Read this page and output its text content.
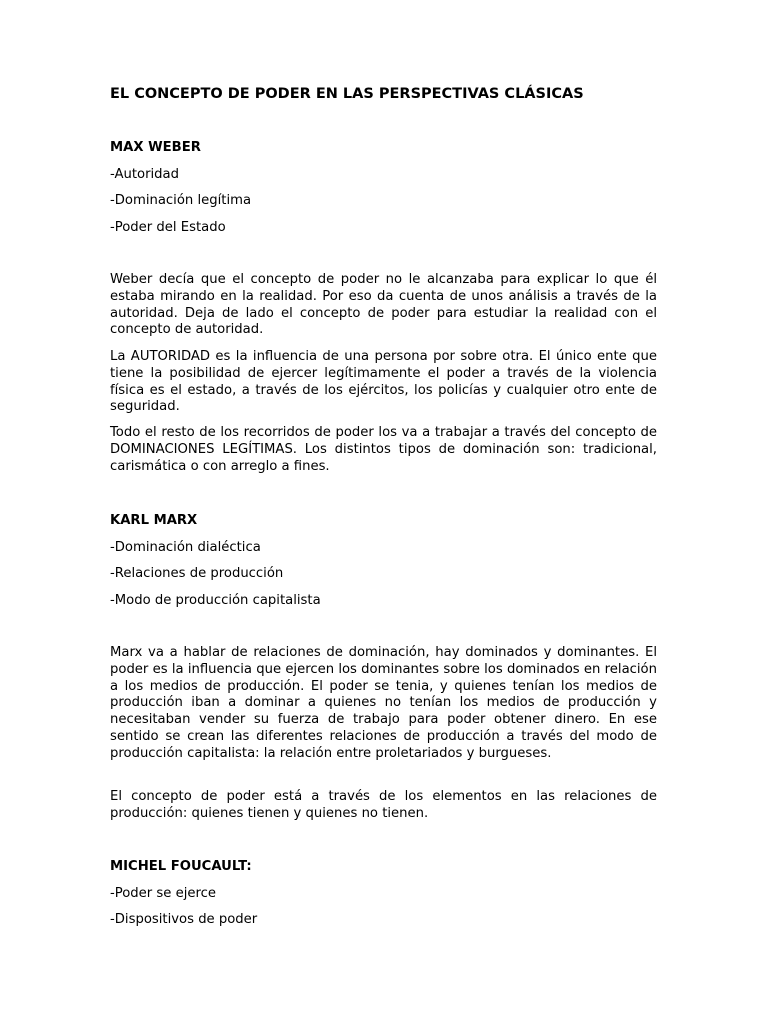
EL CONCEPTO DE PODER EN LAS PERSPECTIVAS CLÁSICAS
MAX WEBER
-Autoridad
-Dominación legítima
-Poder del Estado

Weber decía que el concepto de poder no le alcanzaba para explicar lo que él estaba mirando en la realidad. Por eso da cuenta de unos análisis a través de la autoridad. Deja de lado el concepto de poder para estudiar la realidad con el concepto de autoridad.

La AUTORIDAD es la influencia de una persona por sobre otra. El único ente que tiene la posibilidad de ejercer legítimamente el poder a través de la violencia física es el estado, a través de los ejércitos, los policías y cualquier otro ente de seguridad.

Todo el resto de los recorridos de poder los va a trabajar a través del concepto de DOMINACIONES LEGÍTIMAS. Los distintos tipos de dominación son: tradicional, carismática o con arreglo a fines.

KARL MARX
-Dominación dialéctica
-Relaciones de producción
-Modo de producción capitalista

Marx va a hablar de relaciones de dominación, hay dominados y dominantes. El poder es la influencia que ejercen los dominantes sobre los dominados en relación a los medios de producción. El poder se tenia, y quienes tenían los medios de producción iban a dominar a quienes no tenían los medios de producción y necesitaban vender su fuerza de trabajo para poder obtener dinero. En ese sentido se crean las diferentes relaciones de producción a través del modo de producción capitalista: la relación entre proletariados y burgueses.

El concepto de poder está a través de los elementos en las relaciones de producción: quienes tienen y quienes no tienen.

MICHEL FOUCAULT:
-Poder se ejerce
-Dispositivos de poder
